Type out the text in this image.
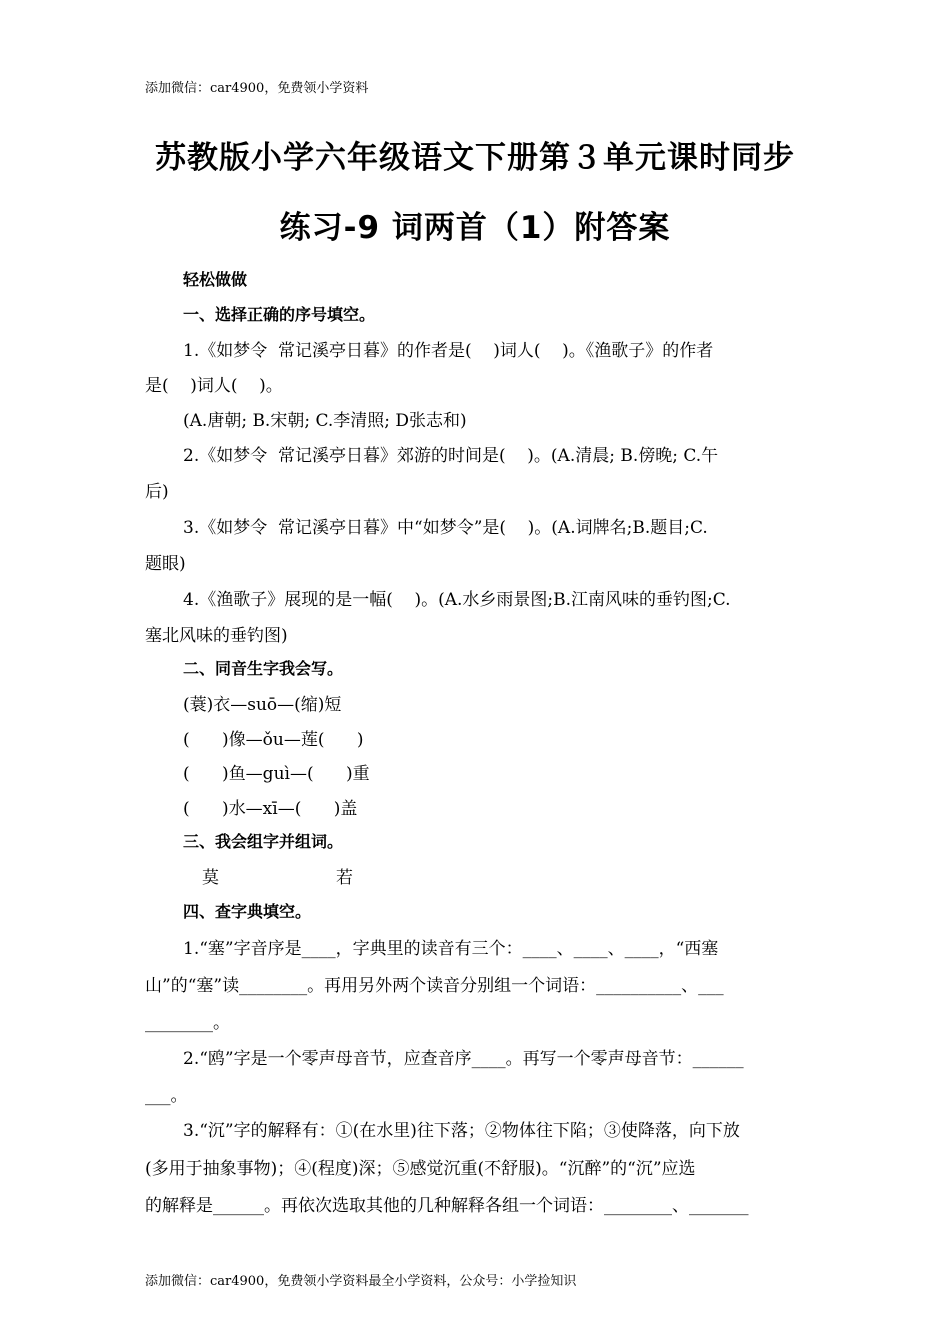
添加微信：car4900，免费领小学资料
苏教版小学六年级语文下册第３单元课时同步
练习-9 词两首（1）附答案
轻松做做
一、选择正确的序号填空。
1.《如梦令  常记溪亭日暮》的作者是(    )词人(    )。《渔歌子》的作者
是(    )词人(    )。
(A.唐朝; B.宋朝; C.李清照; D张志和)
2.《如梦令  常记溪亭日暮》郊游的时间是(    )。(A.清晨; B.傍晚; C.午
后)
3.《如梦令  常记溪亭日暮》中“如梦令”是(    )。(A.词牌名;B.题目;C.
题眼)
4.《渔歌子》展现的是一幅(    )。(A.水乡雨景图;B.江南风味的垂钓图;C.
塞北风味的垂钓图)
二、同音生字我会写。
(蓑)衣—suō—(缩)短
(      )像—ǒu—莲(      )
(      )鱼—guì—(      )重
(      )水—xī—(      )盖
三、我会组字并组词。
莫	若
四、查字典填空。
1.“塞”字音序是____，字典里的读音有三个：____、____、____，“西塞
山”的“塞”读________。再用另外两个读音分别组一个词语：__________、___
________。
2.“鸥”字是一个零声母音节，应查音序____。再写一个零声母音节：______
___。
3.“沉”字的解释有：①(在水里)往下落；②物体往下陷；③使降落，向下放
(多用于抽象事物)；④(程度)深；⑤感觉沉重(不舒服)。“沉醉”的“沉”应选
的解释是______。再依次选取其他的几种解释各组一个词语：________、_______
添加微信：car4900，免费领小学资料最全小学资料，公众号：小学捡知识
